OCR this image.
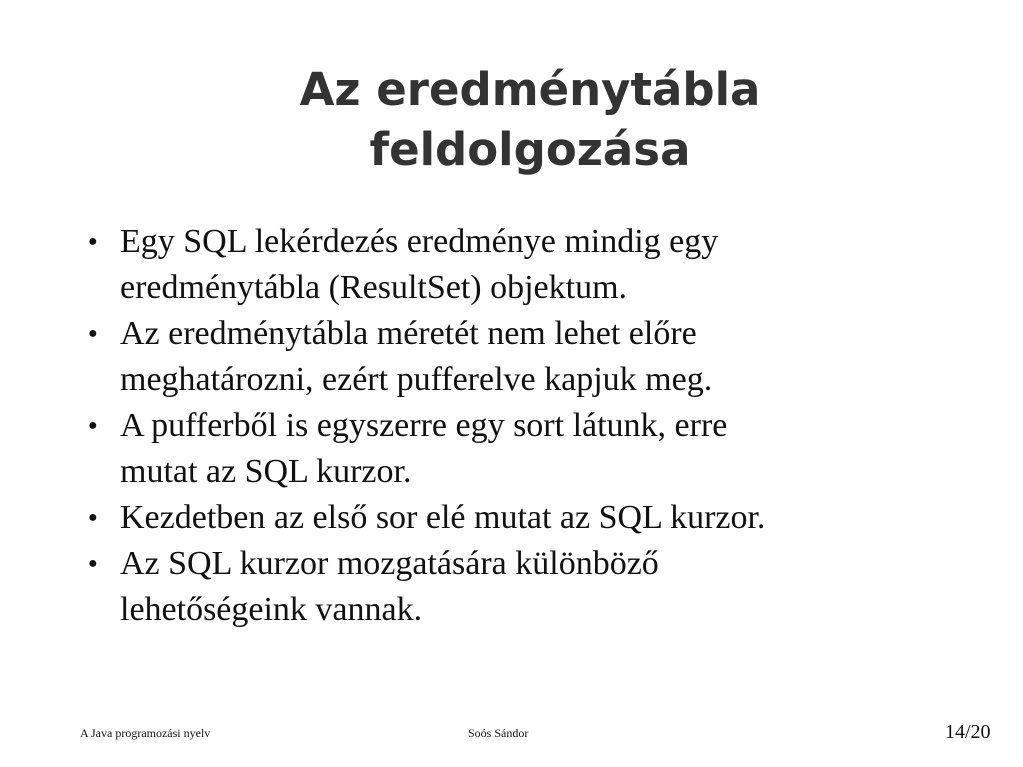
Az eredménytábla
feldolgozása
● Egy SQL lekérdezés eredménye mindig egy
eredménytábla (ResultSet) objektum.
● Az eredménytábla méretét nem lehet előre
meghatározni, ezért pufferelve kapjuk meg.
● A pufferből is egyszerre egy sort látunk, erre
mutat az SQL kurzor.
● Kezdetben az első sor elé mutat az SQL kurzor.
● Az SQL kurzor mozgatására különböző
lehetőségeink vannak.
A Java programozási nyelv	Soós Sándor	14/20
